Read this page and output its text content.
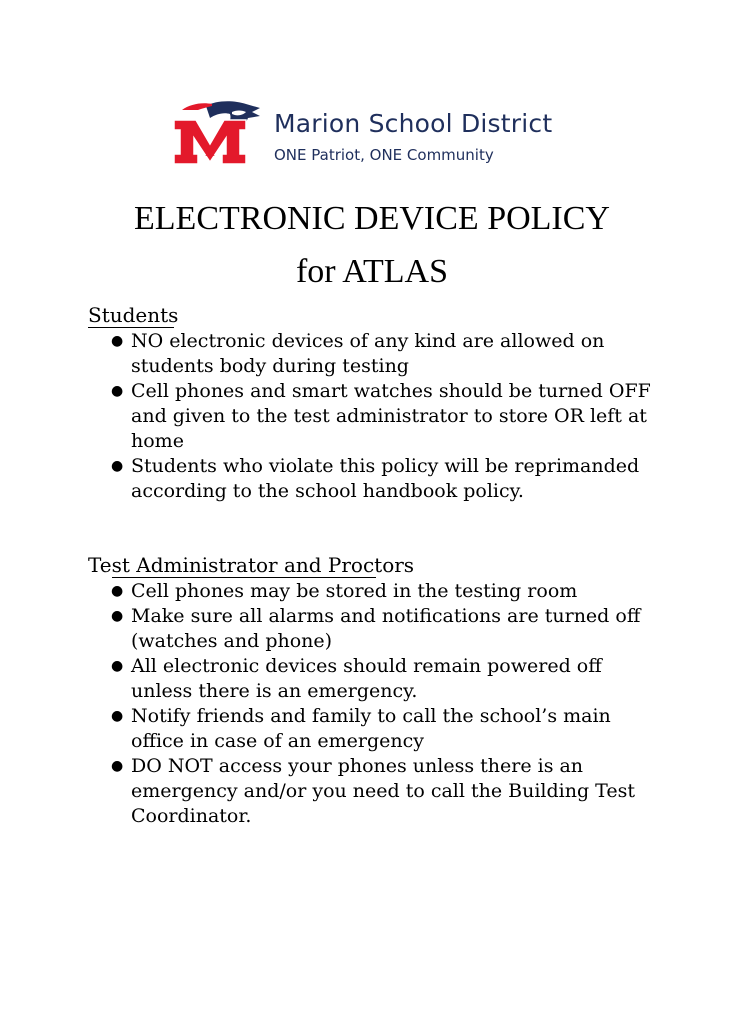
M
Marion School District
ONE Patriot, ONE Community
ELECTRONIC DEVICE POLICY
for ATLAS
Students
● NO electronic devices of any kind are allowed on
students body during testing
● Cell phones and smart watches should be turned OFF
and given to the test administrator to store OR left at
home
● Students who violate this policy will be reprimanded
according to the school handbook policy.
Test Administrator and Proctors
● Cell phones may be stored in the testing room
● Make sure all alarms and notifications are turned off
(watches and phone)
● All electronic devices should remain powered off
unless there is an emergency.
● Notify friends and family to call the school’s main
office in case of an emergency
● DO NOT access your phones unless there is an
emergency and/or you need to call the Building Test
Coordinator.
